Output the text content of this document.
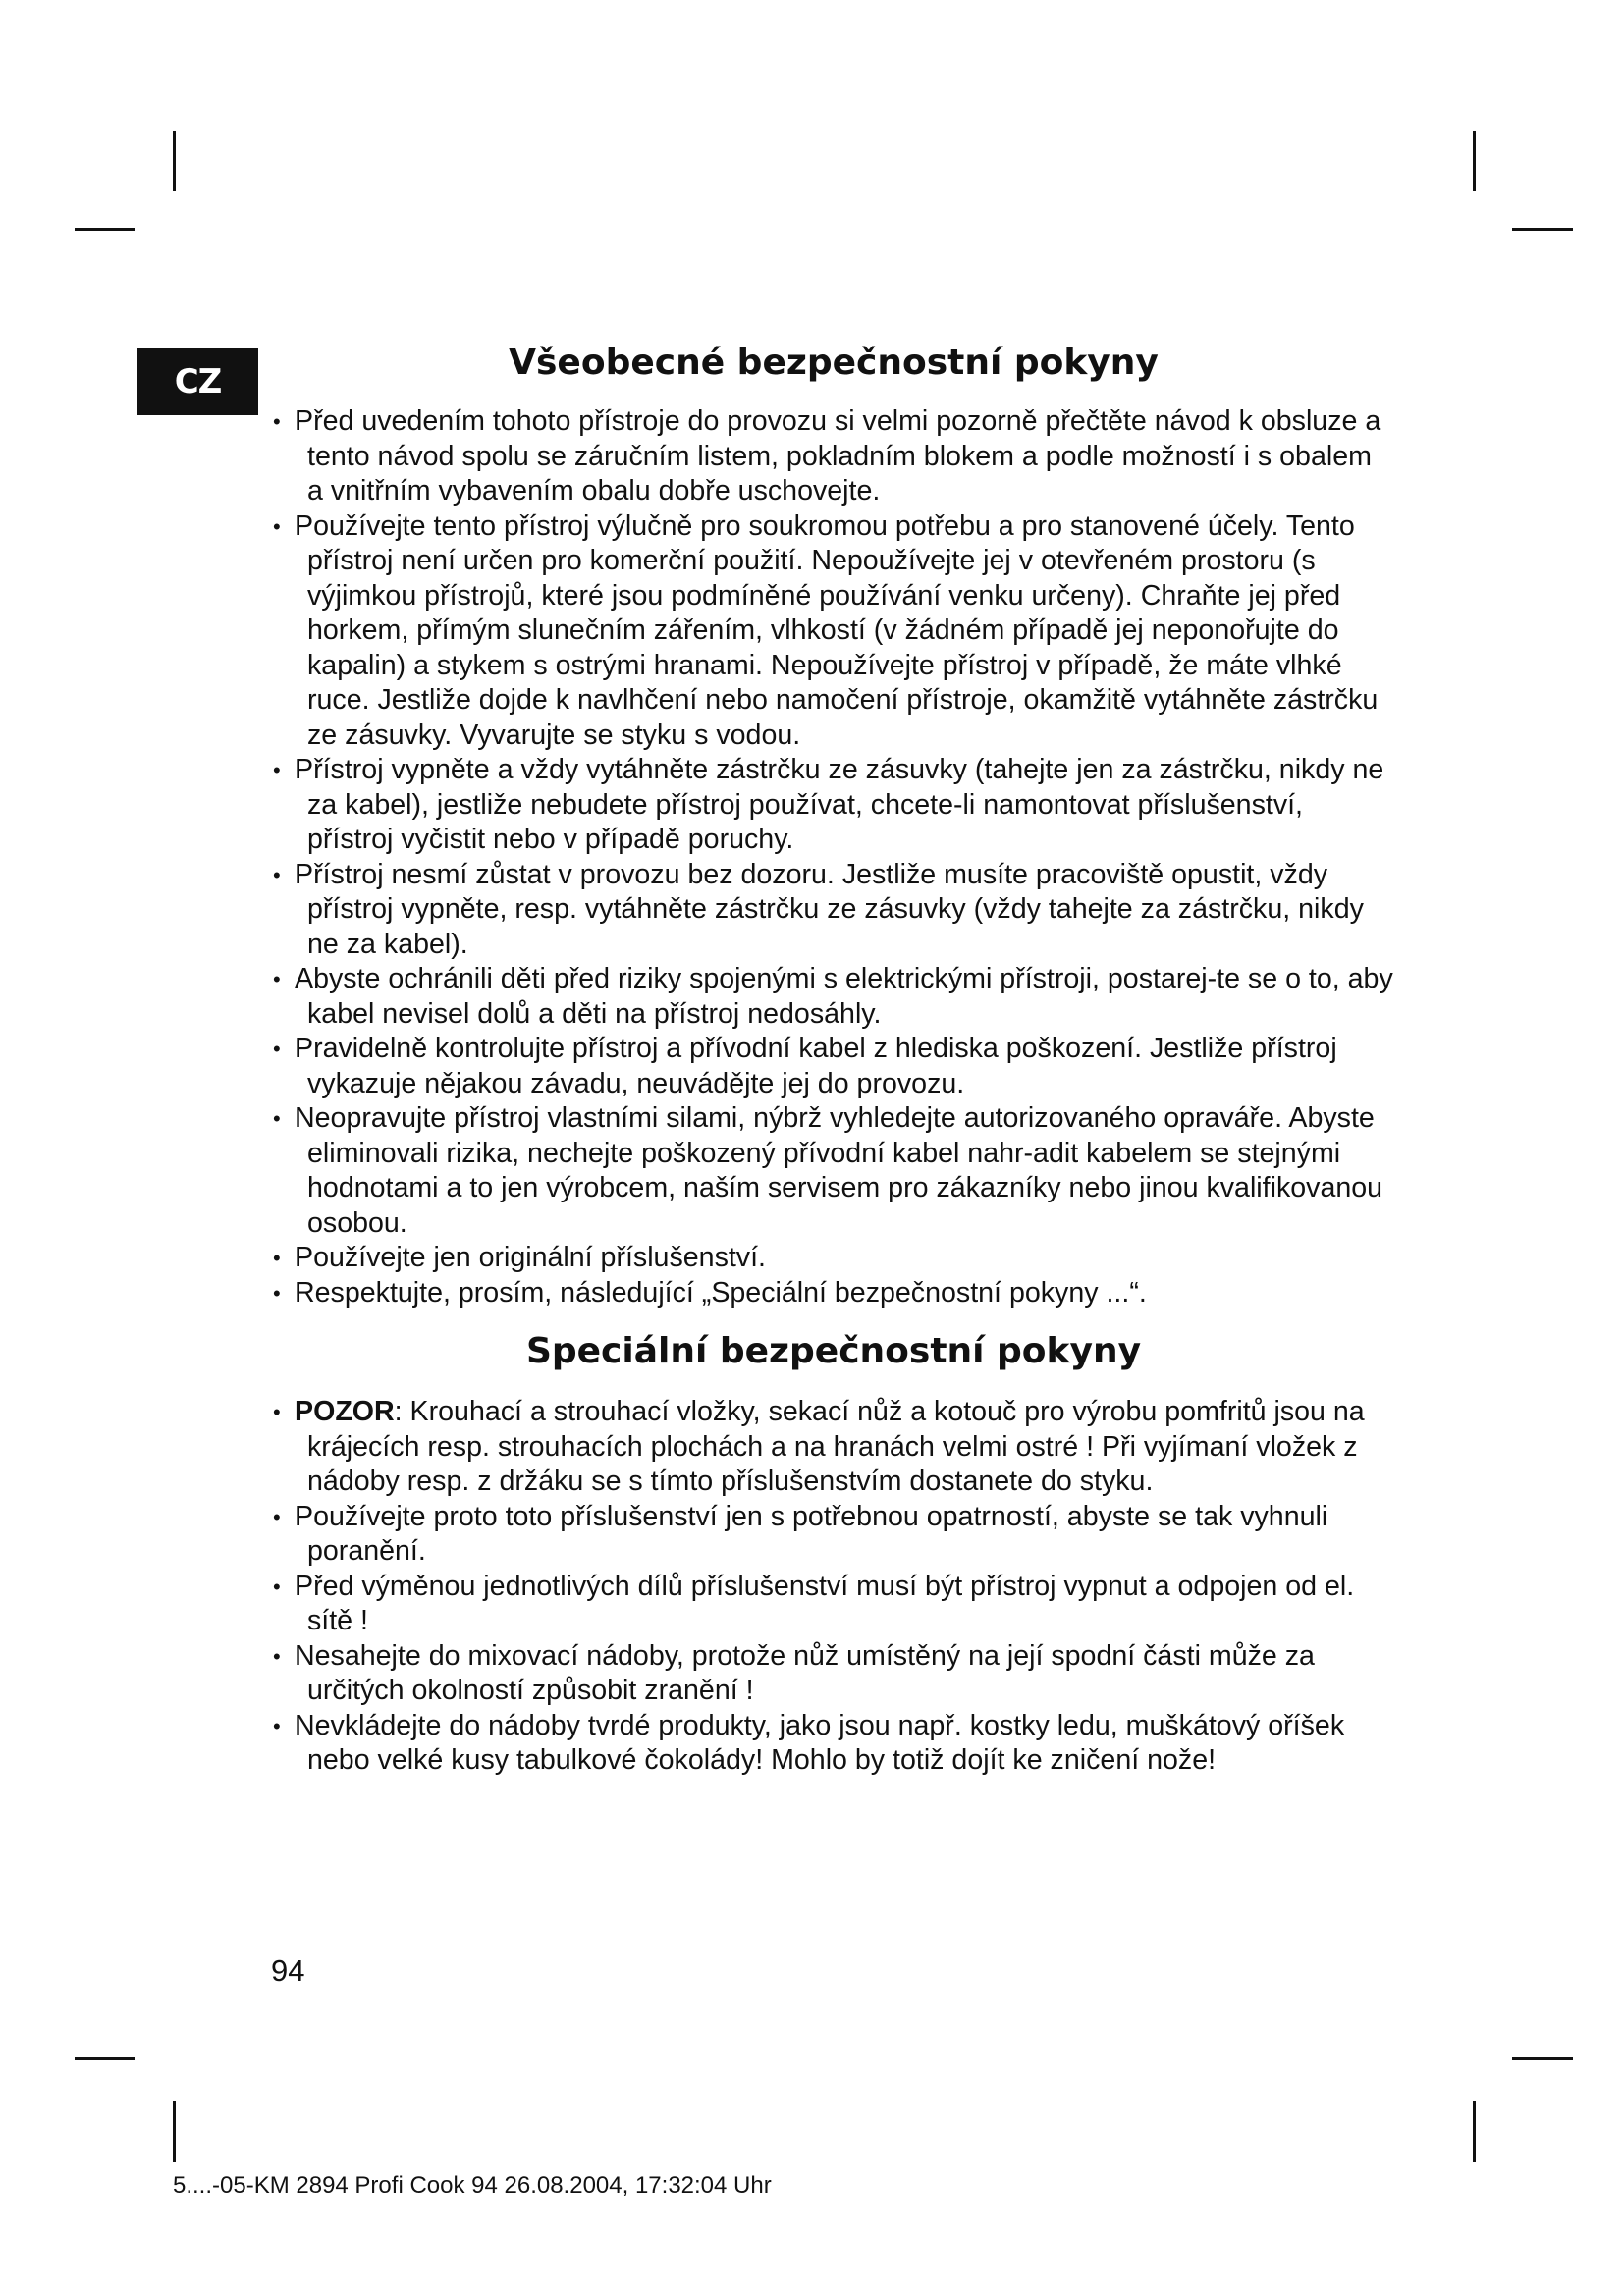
CZ	Všeobecné bezpečnostní pokyny
• Před uvedením tohoto přístroje do provozu si velmi pozorně přečtěte návod k obsluze a tento návod spolu se záručním listem, pokladním blokem a podle možností i s obalem a vnitřním vybavením obalu dobře uschovejte.
• Používejte tento přístroj výlučně pro soukromou potřebu a pro stanovené účely. Tento přístroj není určen pro komerční použití. Nepoužívejte jej v otevřeném prostoru (s výjimkou přístrojů, které jsou podmíněné používání venku určeny). Chraňte jej před horkem, přímým slunečním zářením, vlhkostí (v žádném případě jej neponořujte do kapalin) a stykem s ostrými hranami. Nepoužívejte přístroj v případě, že máte vlhké ruce. Jestliže dojde k navlhčení nebo namočení přístroje, okamžitě vytáhněte zástrčku ze zásuvky. Vyvarujte se styku s vodou.
• Přístroj vypněte a vždy vytáhněte zástrčku ze zásuvky (tahejte jen za zástrčku, nikdy ne za kabel), jestliže nebudete přístroj používat, chcete-li namontovat příslušenství, přístroj vyčistit nebo v případě poruchy.
• Přístroj nesmí zůstat v provozu bez dozoru. Jestliže musíte pracoviště opustit, vždy přístroj vypněte, resp. vytáhněte zástrčku ze zásuvky (vždy tahejte za zástrčku, nikdy ne za kabel).
• Abyste ochránili děti před riziky spojenými s elektrickými přístroji, postarej-te se o to, aby kabel nevisel dolů a děti na přístroj nedosáhly.
• Pravidelně kontrolujte přístroj a přívodní kabel z hlediska poškození. Jestliže přístroj vykazuje nějakou závadu, neuvádějte jej do provozu.
• Neopravujte přístroj vlastními silami, nýbrž vyhledejte autorizovaného opraváře. Abyste eliminovali rizika, nechejte poškozený přívodní kabel nahr-adit kabelem se stejnými hodnotami a to jen výrobcem, naším servisem pro zákazníky nebo jinou kvalifikovanou osobou.
• Používejte jen originální příslušenství.
• Respektujte, prosím, následující „Speciální bezpečnostní pokyny ...“.
Speciální bezpečnostní pokyny
• POZOR: Krouhací a strouhací vložky, sekací nůž a kotouč pro výrobu pomfritů jsou na krájecích resp. strouhacích plochách a na hranách velmi ostré ! Při vyjímaní vložek z nádoby resp. z držáku se s tímto příslušenstvím dostanete do styku.
• Používejte proto toto příslušenství jen s potřebnou opatrností, abyste se tak vyhnuli poranění.
• Před výměnou jednotlivých dílů příslušenství musí být přístroj vypnut a odpojen od el. sítě !
• Nesahejte do mixovací nádoby, protože nůž umístěný na její spodní části může za určitých okolností způsobit zranění !
• Nevkládejte do nádoby tvrdé produkty, jako jsou např. kostky ledu, muškátový oříšek nebo velké kusy tabulkové čokolády! Mohlo by totiž dojít ke zničení nože!
94
5....-05-KM 2894 Profi Cook 94 26.08.2004, 17:32:04 Uhr
